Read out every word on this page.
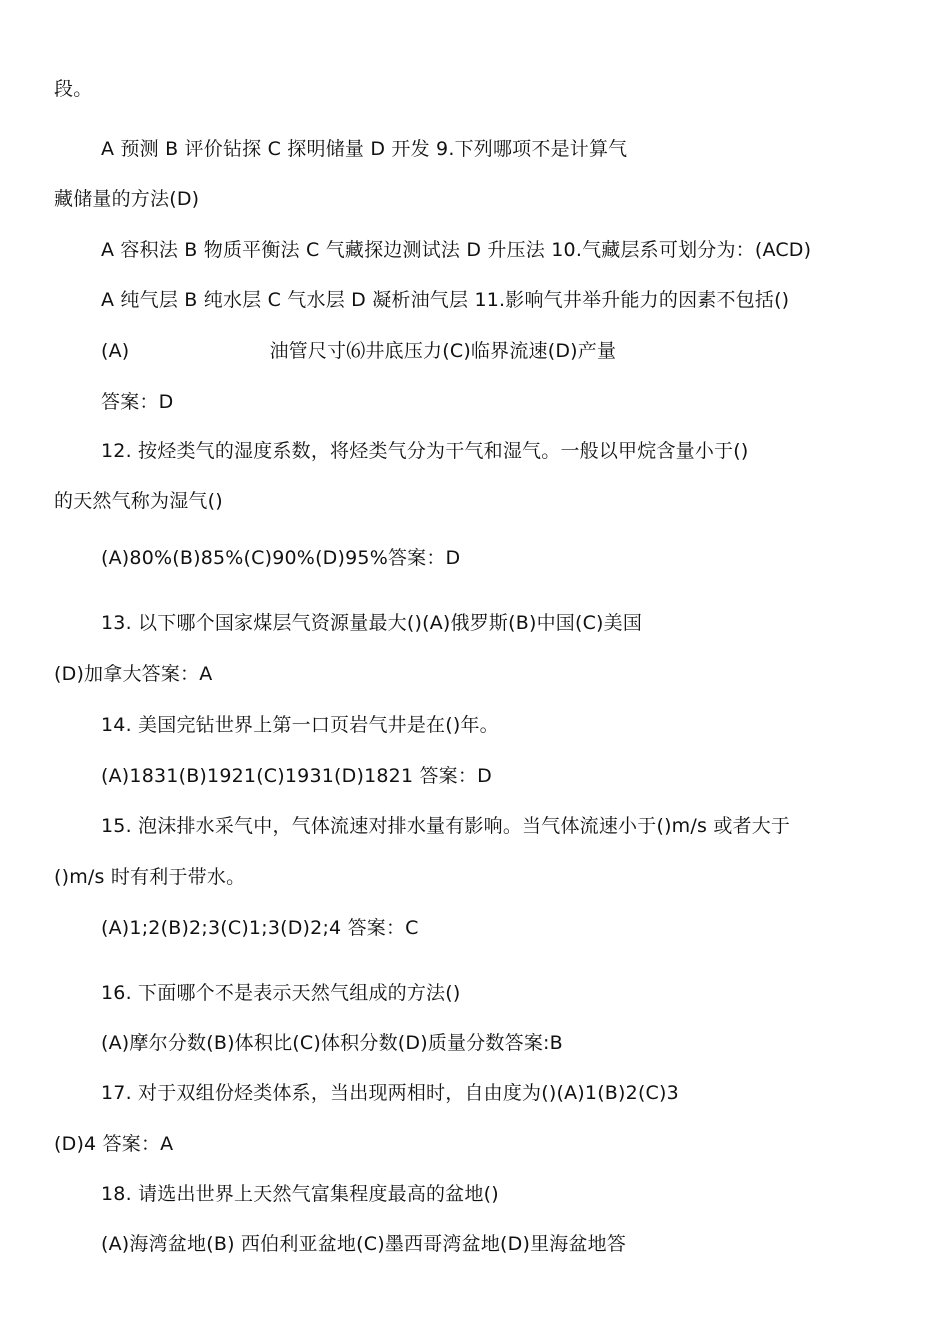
段。

A 预测 B 评价钻探 C 探明储量 D 开发 9.下列哪项不是计算气

藏储量的方法(D)

A 容积法 B 物质平衡法 C 气藏探边测试法 D 升压法 10.气藏层系可划分为：(ACD)

A 纯气层 B 纯水层 C 气水层 D 凝析油气层 11.影响气井举升能力的因素不包括()

(A)	油管尺寸⑹井底压力(C)临界流速(D)产量

答案：D

12. 按烃类气的湿度系数，将烃类气分为干气和湿气。一般以甲烷含量小于()

的天然气称为湿气()

(A)80%(B)85%(C)90%(D)95%答案：D

13. 以下哪个国家煤层气资源量最大()(A)俄罗斯(B)中国(C)美国

(D)加拿大答案：A

14. 美国完钻世界上第一口页岩气井是在()年。

(A)1831(B)1921(C)1931(D)1821 答案：D

15. 泡沫排水采气中，气体流速对排水量有影响。当气体流速小于()m/s 或者大于

()m/s 时有利于带水。

(A)1;2(B)2;3(C)1;3(D)2;4 答案：C

16. 下面哪个不是表示天然气组成的方法()

(A)摩尔分数(B)体积比(C)体积分数(D)质量分数答案:B

17. 对于双组份烃类体系，当出现两相时，自由度为()(A)1(B)2(C)3

(D)4 答案：A

18. 请选出世界上天然气富集程度最高的盆地()

(A)海湾盆地(B) 西伯利亚盆地(C)墨西哥湾盆地(D)里海盆地答
